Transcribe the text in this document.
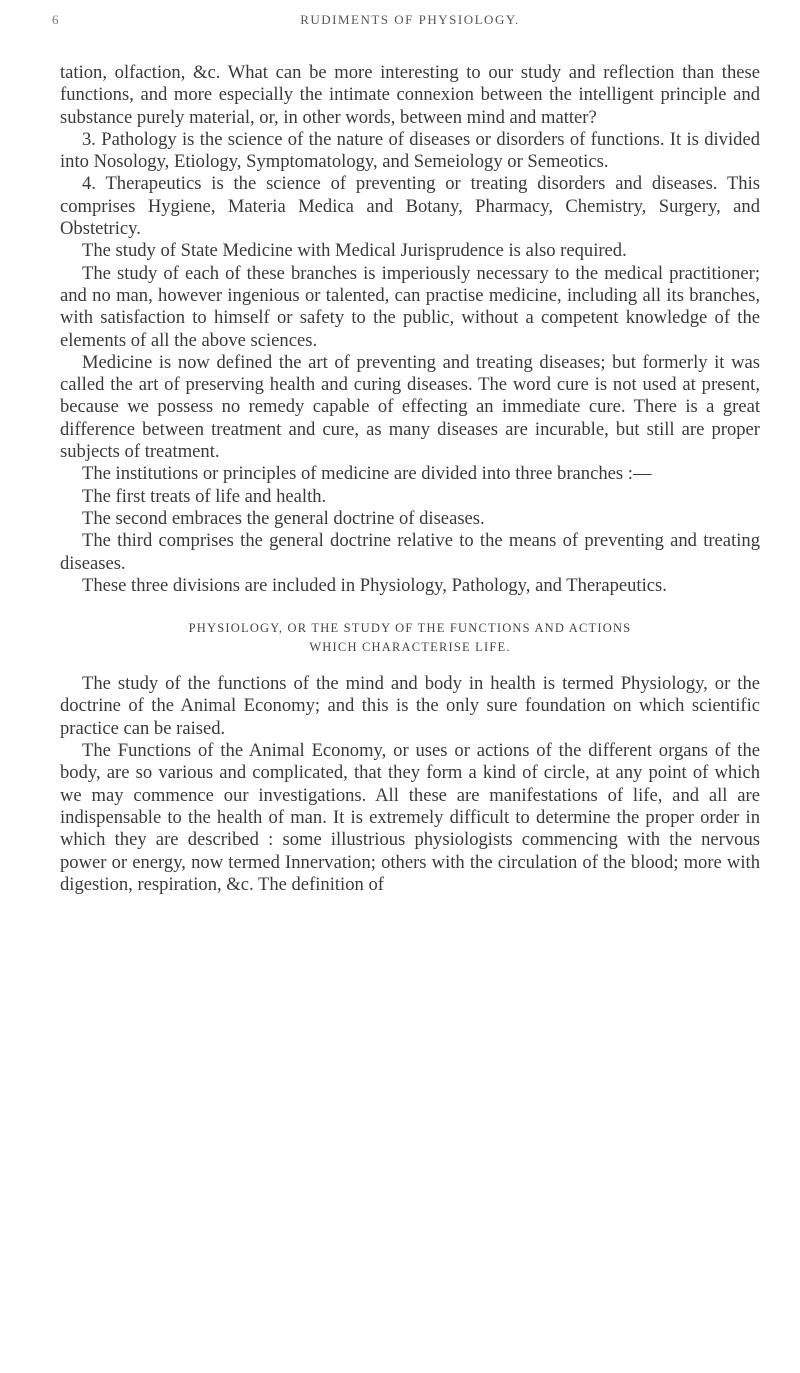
6	RUDIMENTS OF PHYSIOLOGY.

tation, olfaction, &c. What can be more interesting to our study and reflection than these functions, and more especially the intimate connexion between the intelligent principle and substance purely material, or, in other words, between mind and matter?

3. Pathology is the science of the nature of diseases or disorders of functions. It is divided into Nosology, Etiology, Symptomatology, and Semeiology or Semeotics.

4. Therapeutics is the science of preventing or treating disorders and diseases. This comprises Hygiene, Materia Medica and Botany, Pharmacy, Chemistry, Surgery, and Obstetricy.

The study of State Medicine with Medical Jurisprudence is also required.

The study of each of these branches is imperiously necessary to the medical practitioner; and no man, however ingenious or talented, can practise medicine, including all its branches, with satisfaction to himself or safety to the public, without a competent knowledge of the elements of all the above sciences.

Medicine is now defined the art of preventing and treating diseases; but formerly it was called the art of preserving health and curing diseases. The word cure is not used at present, because we possess no remedy capable of effecting an immediate cure. There is a great difference between treatment and cure, as many diseases are incurable, but still are proper subjects of treatment.

The institutions or principles of medicine are divided into three branches :—

The first treats of life and health.

The second embraces the general doctrine of diseases.

The third comprises the general doctrine relative to the means of preventing and treating diseases.

These three divisions are included in Physiology, Pathology, and Therapeutics.

PHYSIOLOGY, OR THE STUDY OF THE FUNCTIONS AND ACTIONS
WHICH CHARACTERISE LIFE.

The study of the functions of the mind and body in health is termed Physiology, or the doctrine of the Animal Economy; and this is the only sure foundation on which scientific practice can be raised.

The Functions of the Animal Economy, or uses or actions of the different organs of the body, are so various and complicated, that they form a kind of circle, at any point of which we may commence our investigations. All these are manifestations of life, and all are indispensable to the health of man. It is extremely difficult to determine the proper order in which they are described : some illustrious physiologists commencing with the nervous power or energy, now termed Innervation; others with the circulation of the blood; more with digestion, respiration, &c. The definition of
